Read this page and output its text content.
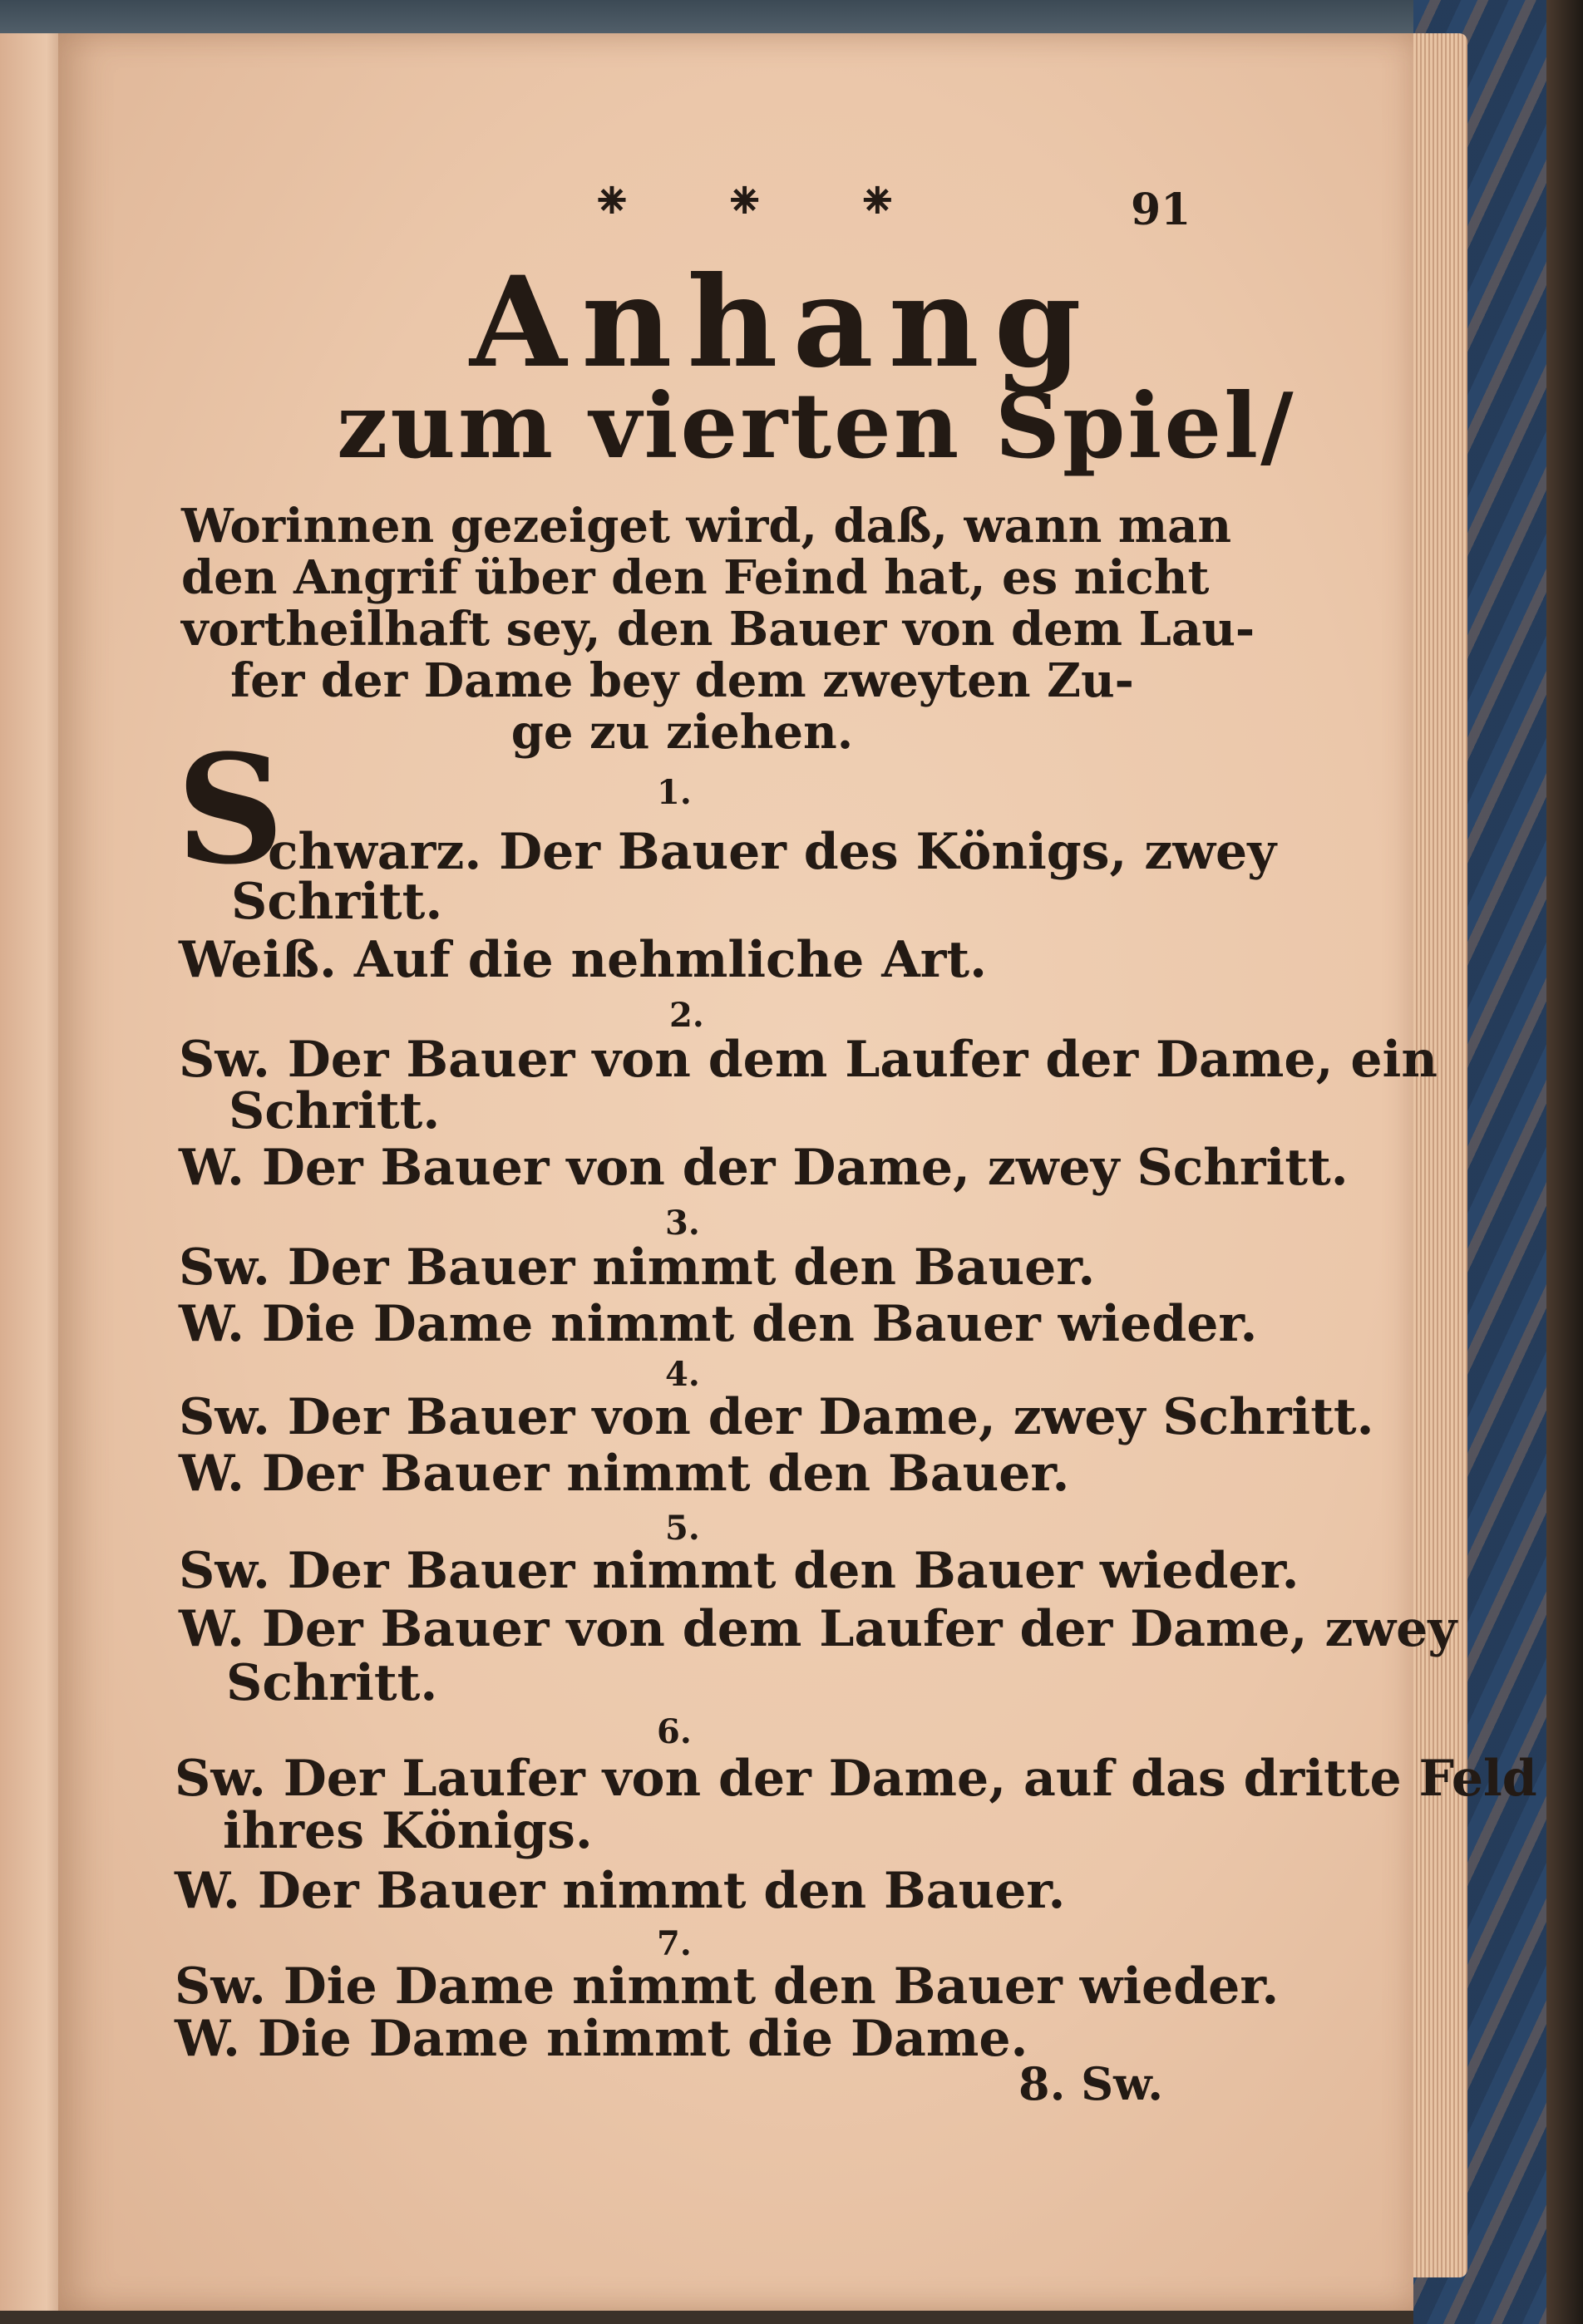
⁕ ⁕ ⁕	91
Anhang
zum vierten Spiel/
Worinnen gezeiget wird, daß, wann man
den Angrif über den Feind hat, es nicht
vortheilhaft sey, den Bauer von dem Lau-
fer der Dame bey dem zweyten Zu-
ge zu ziehen.
1.
S
chwarz. Der Bauer des Königs, zwey
Schritt.
Weiß. Auf die nehmliche Art.
2.
Sw. Der Bauer von dem Laufer der Dame, ein
Schritt.
W. Der Bauer von der Dame, zwey Schritt.
3.
Sw. Der Bauer nimmt den Bauer.
W. Die Dame nimmt den Bauer wieder.
4.
Sw. Der Bauer von der Dame, zwey Schritt.
W. Der Bauer nimmt den Bauer.
5.
Sw. Der Bauer nimmt den Bauer wieder.
W. Der Bauer von dem Laufer der Dame, zwey
Schritt.
6.
Sw. Der Laufer von der Dame, auf das dritte Feld
ihres Königs.
W. Der Bauer nimmt den Bauer.
7.
Sw. Die Dame nimmt den Bauer wieder.
W. Die Dame nimmt die Dame.
8. Sw.
